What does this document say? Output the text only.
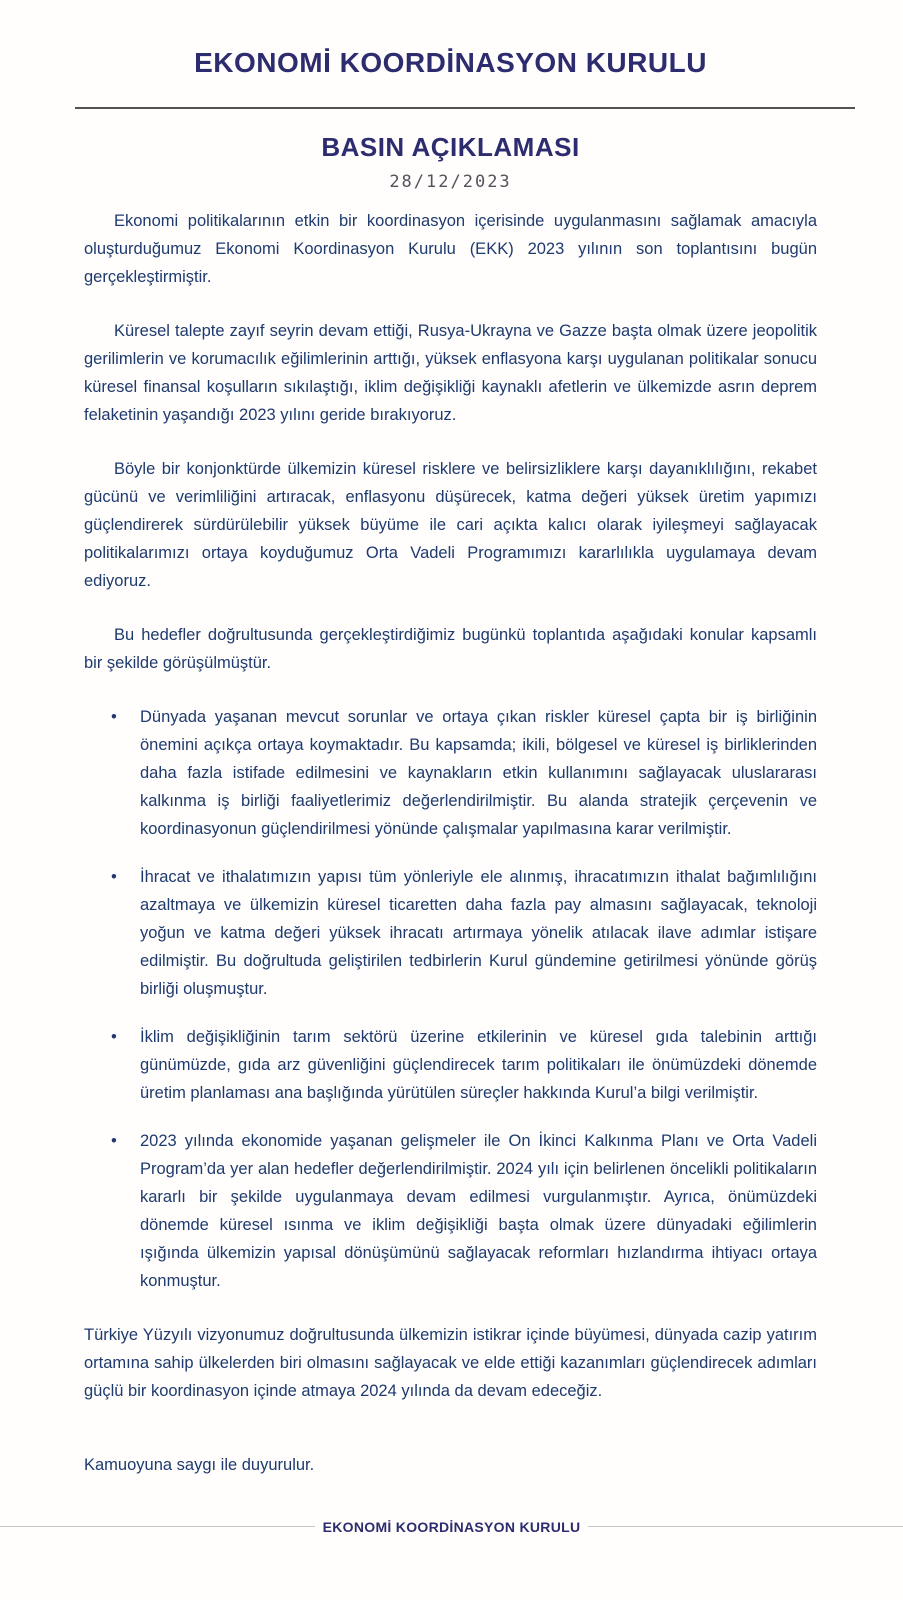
EKONOMİ KOORDİNASYON KURULU
BASIN AÇIKLAMASI
28/12/2023

Ekonomi politikalarının etkin bir koordinasyon içerisinde uygulanmasını sağlamak amacıyla oluşturduğumuz Ekonomi Koordinasyon Kurulu (EKK) 2023 yılının son toplantısını bugün gerçekleştirmiştir.

Küresel talepte zayıf seyrin devam ettiği, Rusya-Ukrayna ve Gazze başta olmak üzere jeopolitik gerilimlerin ve korumacılık eğilimlerinin arttığı, yüksek enflasyona karşı uygulanan politikalar sonucu küresel finansal koşulların sıkılaştığı, iklim değişikliği kaynaklı afetlerin ve ülkemizde asrın deprem felaketinin yaşandığı 2023 yılını geride bırakıyoruz.

Böyle bir konjonktürde ülkemizin küresel risklere ve belirsizliklere karşı dayanıklılığını, rekabet gücünü ve verimliliğini artıracak, enflasyonu düşürecek, katma değeri yüksek üretim yapımızı güçlendirerek sürdürülebilir yüksek büyüme ile cari açıkta kalıcı olarak iyileşmeyi sağlayacak politikalarımızı ortaya koyduğumuz Orta Vadeli Programımızı kararlılıkla uygulamaya devam ediyoruz.

Bu hedefler doğrultusunda gerçekleştirdiğimiz bugünkü toplantıda aşağıdaki konular kapsamlı bir şekilde görüşülmüştür.

• Dünyada yaşanan mevcut sorunlar ve ortaya çıkan riskler küresel çapta bir iş birliğinin önemini açıkça ortaya koymaktadır. Bu kapsamda; ikili, bölgesel ve küresel iş birliklerinden daha fazla istifade edilmesini ve kaynakların etkin kullanımını sağlayacak uluslararası kalkınma iş birliği faaliyetlerimiz değerlendirilmiştir. Bu alanda stratejik çerçevenin ve koordinasyonun güçlendirilmesi yönünde çalışmalar yapılmasına karar verilmiştir.
• İhracat ve ithalatımızın yapısı tüm yönleriyle ele alınmış, ihracatımızın ithalat bağımlılığını azaltmaya ve ülkemizin küresel ticaretten daha fazla pay almasını sağlayacak, teknoloji yoğun ve katma değeri yüksek ihracatı artırmaya yönelik atılacak ilave adımlar istişare edilmiştir. Bu doğrultuda geliştirilen tedbirlerin Kurul gündemine getirilmesi yönünde görüş birliği oluşmuştur.
• İklim değişikliğinin tarım sektörü üzerine etkilerinin ve küresel gıda talebinin arttığı günümüzde, gıda arz güvenliğini güçlendirecek tarım politikaları ile önümüzdeki dönemde üretim planlaması ana başlığında yürütülen süreçler hakkında Kurul’a bilgi verilmiştir.
• 2023 yılında ekonomide yaşanan gelişmeler ile On İkinci Kalkınma Planı ve Orta Vadeli Program’da yer alan hedefler değerlendirilmiştir. 2024 yılı için belirlenen öncelikli politikaların kararlı bir şekilde uygulanmaya devam edilmesi vurgulanmıştır. Ayrıca, önümüzdeki dönemde küresel ısınma ve iklim değişikliği başta olmak üzere dünyadaki eğilimlerin ışığında ülkemizin yapısal dönüşümünü sağlayacak reformları hızlandırma ihtiyacı ortaya konmuştur.

Türkiye Yüzyılı vizyonumuz doğrultusunda ülkemizin istikrar içinde büyümesi, dünyada cazip yatırım ortamına sahip ülkelerden biri olmasını sağlayacak ve elde ettiği kazanımları güçlendirecek adımları güçlü bir koordinasyon içinde atmaya 2024 yılında da devam edeceğiz.

Kamuoyuna saygı ile duyurulur.

EKONOMİ KOORDİNASYON KURULU
